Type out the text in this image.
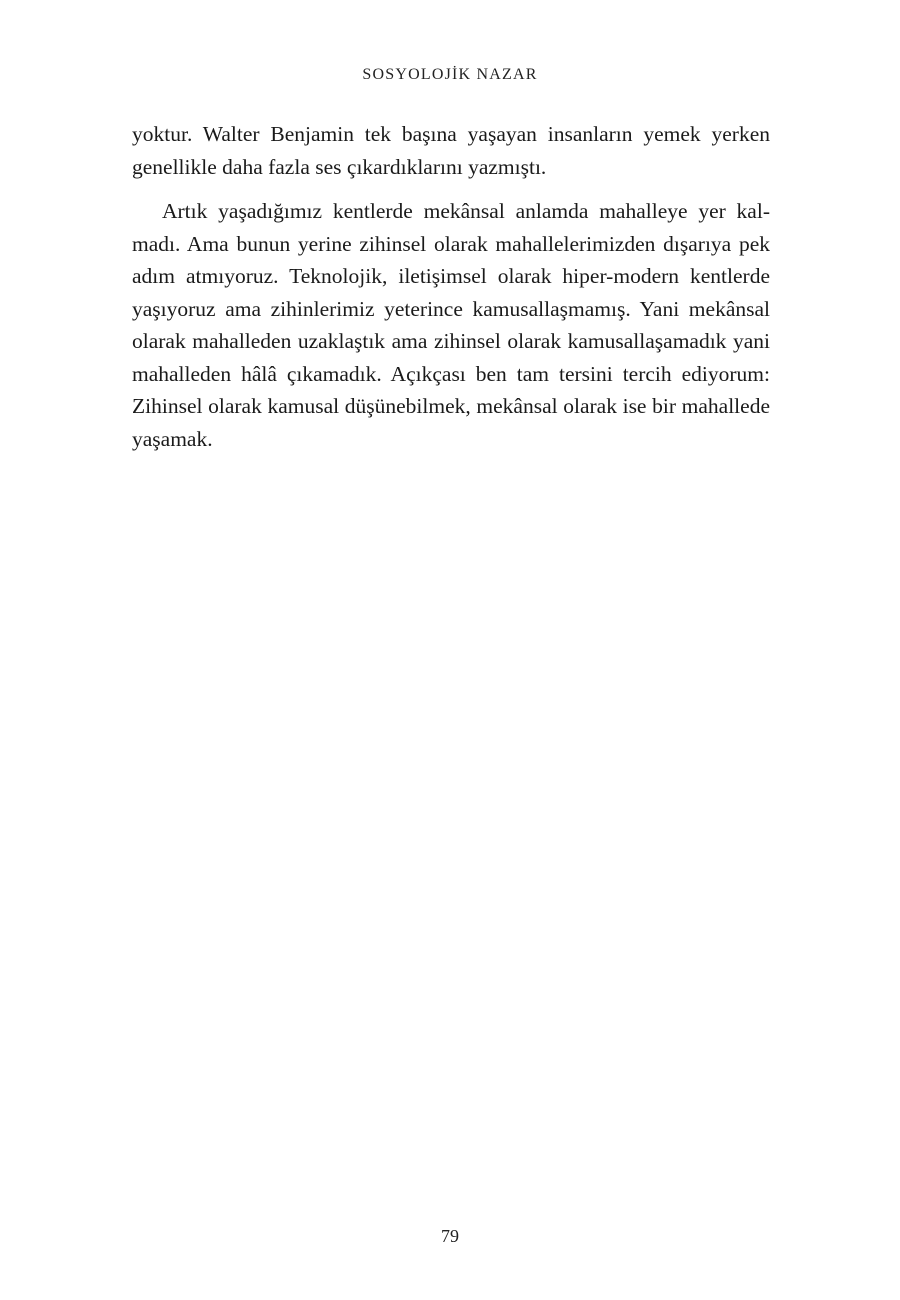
SOSYOLOJİK NAZAR

yoktur. Walter Benjamin tek başına yaşayan insanların yemek yerken genellikle daha fazla ses çıkardıklarını yazmıştı.

Artık yaşadığımız kentlerde mekânsal anlamda mahalleye yer kalmadı. Ama bunun yerine zihinsel olarak mahallelerimizden dışarıya pek adım atmıyoruz. Teknolojik, iletişimsel olarak hiper-modern kentlerde yaşıyoruz ama zihinlerimiz yeterince kamusallaşmamış. Yani mekânsal olarak mahalleden uzaklaştık ama zihinsel olarak kamusallaşamadık yani mahalleden hâlâ çıkamadık. Açıkçası ben tam tersini tercih ediyorum: Zihinsel olarak kamusal düşünebilmek, mekânsal olarak ise bir mahallede yaşamak.

79
